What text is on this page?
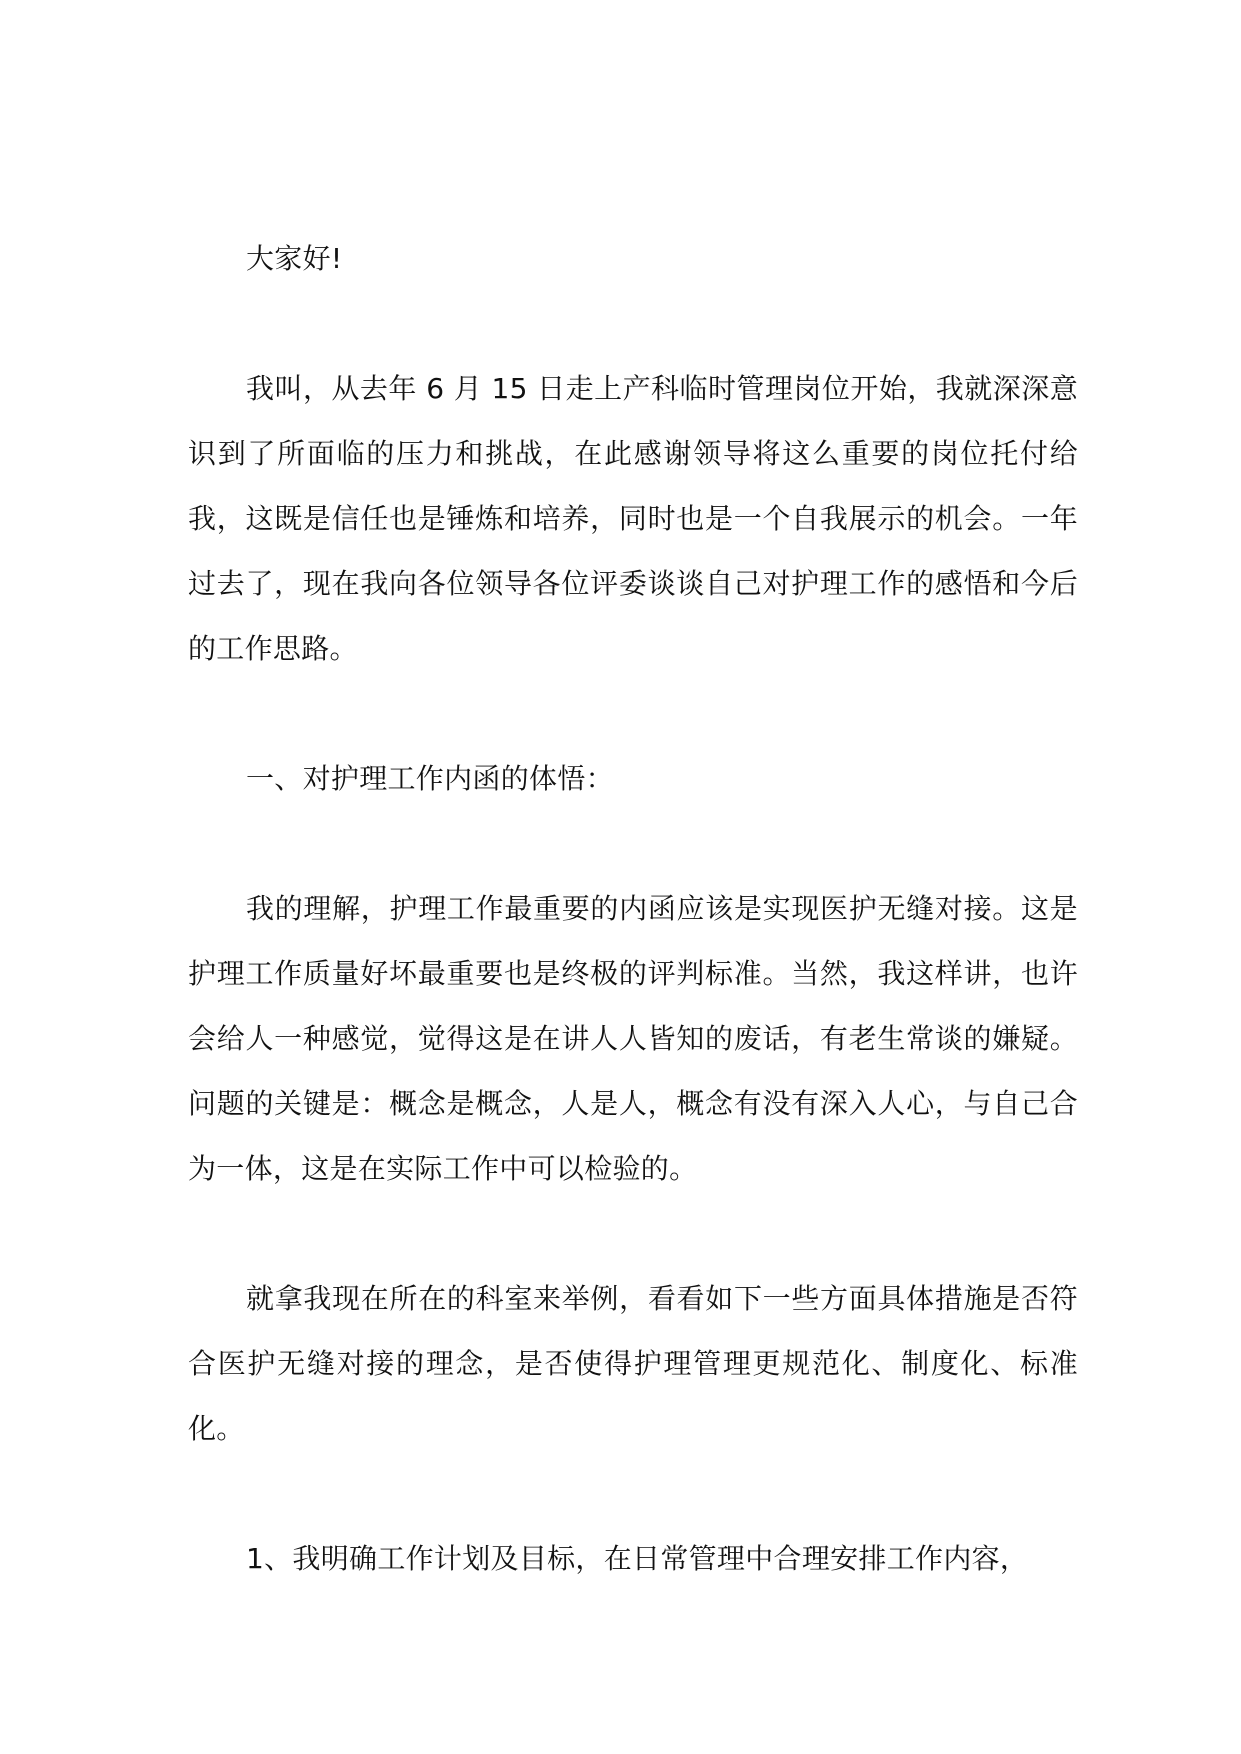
大家好!

我叫，从去年 6 月 15 日走上产科临时管理岗位开始，我就深深意识到了所面临的压力和挑战，在此感谢领导将这么重要的岗位托付给我，这既是信任也是锤炼和培养，同时也是一个自我展示的机会。一年过去了，现在我向各位领导各位评委谈谈自己对护理工作的感悟和今后的工作思路。

一、对护理工作内函的体悟：

我的理解，护理工作最重要的内函应该是实现医护无缝对接。这是护理工作质量好坏最重要也是终极的评判标准。当然，我这样讲，也许会给人一种感觉，觉得这是在讲人人皆知的废话，有老生常谈的嫌疑。问题的关键是：概念是概念，人是人，概念有没有深入人心，与自己合为一体，这是在实际工作中可以检验的。

就拿我现在所在的科室来举例，看看如下一些方面具体措施是否符合医护无缝对接的理念，是否使得护理管理更规范化、制度化、标准化。

1、我明确工作计划及目标，在日常管理中合理安排工作内容，
